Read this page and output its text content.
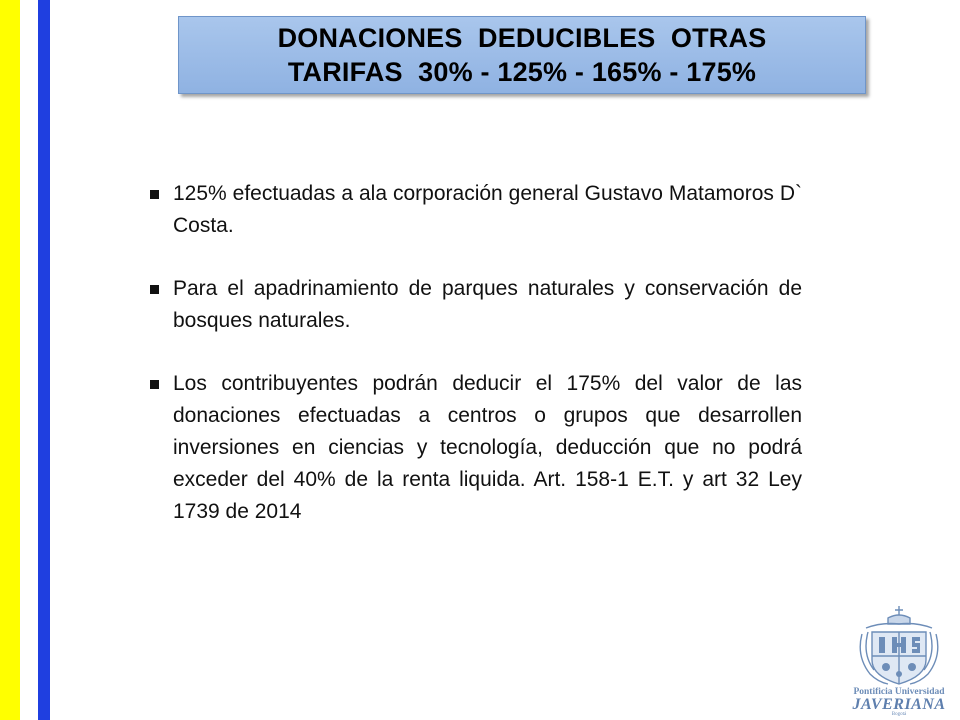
DONACIONES  DEDUCIBLES  OTRAS
TARIFAS  30% - 125% - 165% - 175%
125% efectuadas a ala corporación general Gustavo Matamoros D` Costa.
Para el apadrinamiento de parques naturales y conservación de bosques naturales.
Los contribuyentes podrán deducir el 175% del valor de las donaciones efectuadas a centros o grupos que desarrollen inversiones en ciencias y tecnología, deducción que no podrá exceder del 40% de la renta liquida. Art. 158-1 E.T. y art 32 Ley 1739 de 2014
Pontificia Universidad
JAVERIANA
Bogotá
